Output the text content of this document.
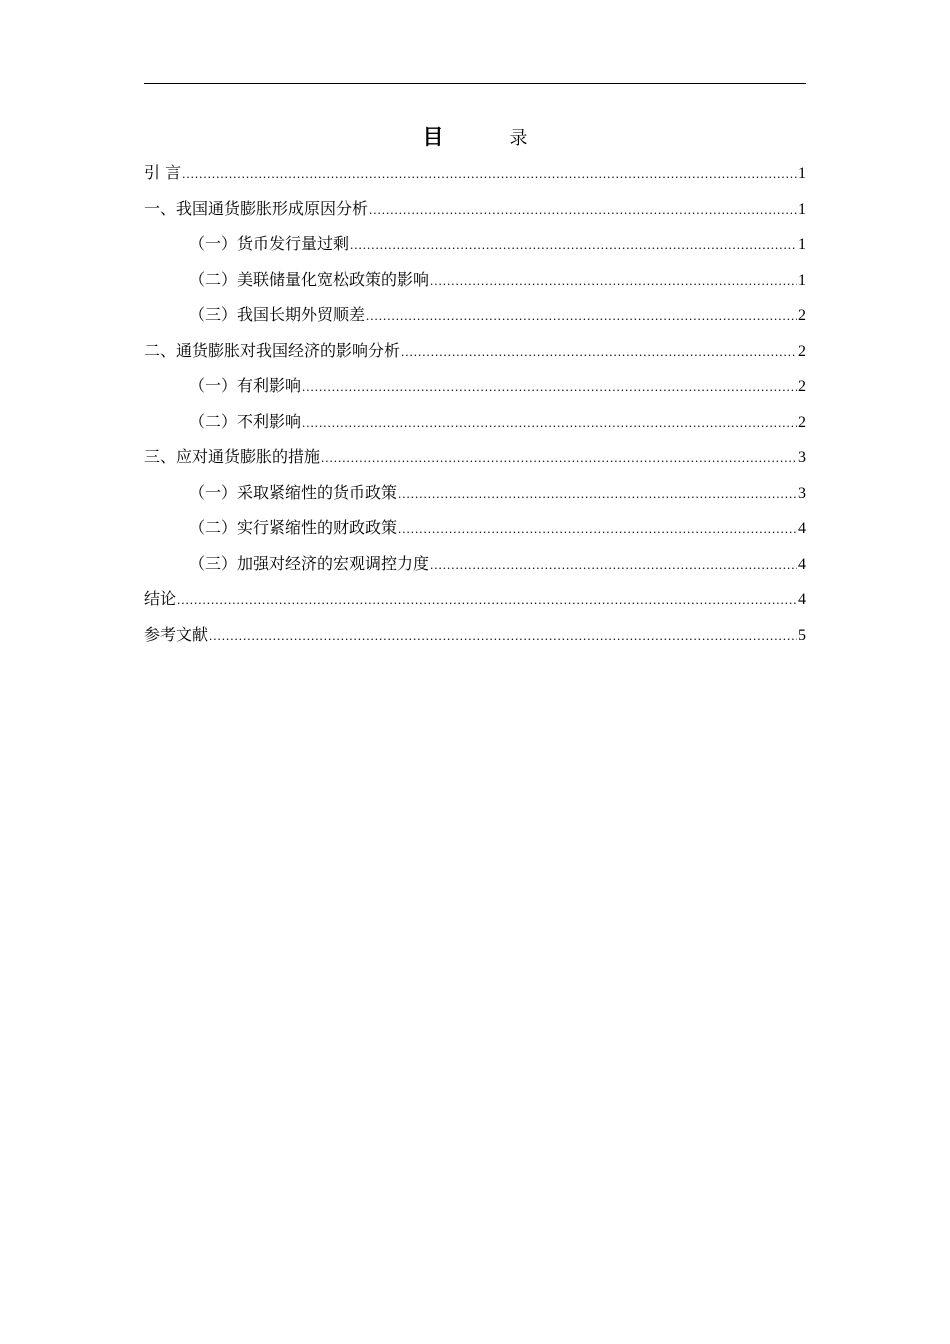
目	录
引 言 .....	1
一、我国通货膨胀形成原因分析 .....	1
（一）货币发行量过剩 .....	1
（二）美联储量化宽松政策的影响 .....	1
（三）我国长期外贸顺差 .....	2
二、通货膨胀对我国经济的影响分析 .....	2
（一）有利影响 .....	2
（二）不利影响 .....	2
三、应对通货膨胀的措施 .....	3
（一）采取紧缩性的货币政策 .....	3
（二）实行紧缩性的财政政策 .....	4
（三）加强对经济的宏观调控力度 .....	4
结论 .....	4
参考文献 .....	5
